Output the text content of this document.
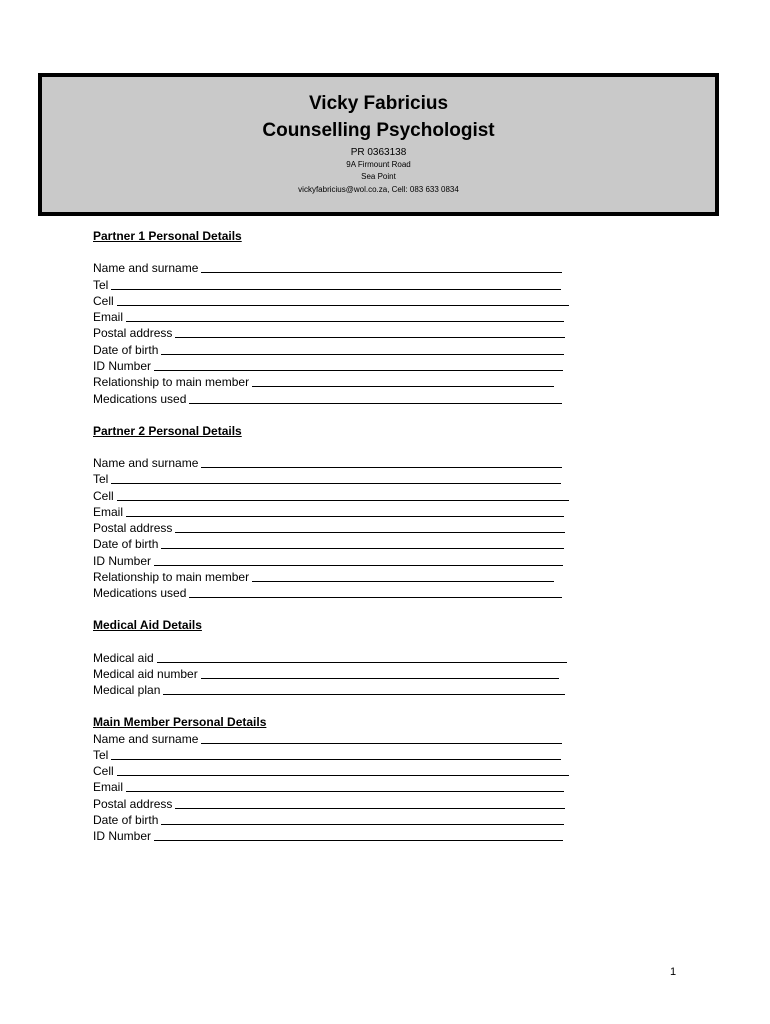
Vicky Fabricius
Counselling Psychologist
PR 0363138
9A Firmount Road
Sea Point
vickyfabricius@wol.co.za, Cell: 083 633 0834
Partner 1 Personal Details
Name and surname
Tel
Cell
Email
Postal address
Date of birth
ID Number
Relationship to main member
Medications used
Partner 2 Personal Details
Name and surname
Tel
Cell
Email
Postal address
Date of birth
ID Number
Relationship to main member
Medications used
Medical Aid Details
Medical aid
Medical aid number
Medical plan
Main Member Personal Details
Name and surname
Tel
Cell
Email
Postal address
Date of birth
ID Number
1
